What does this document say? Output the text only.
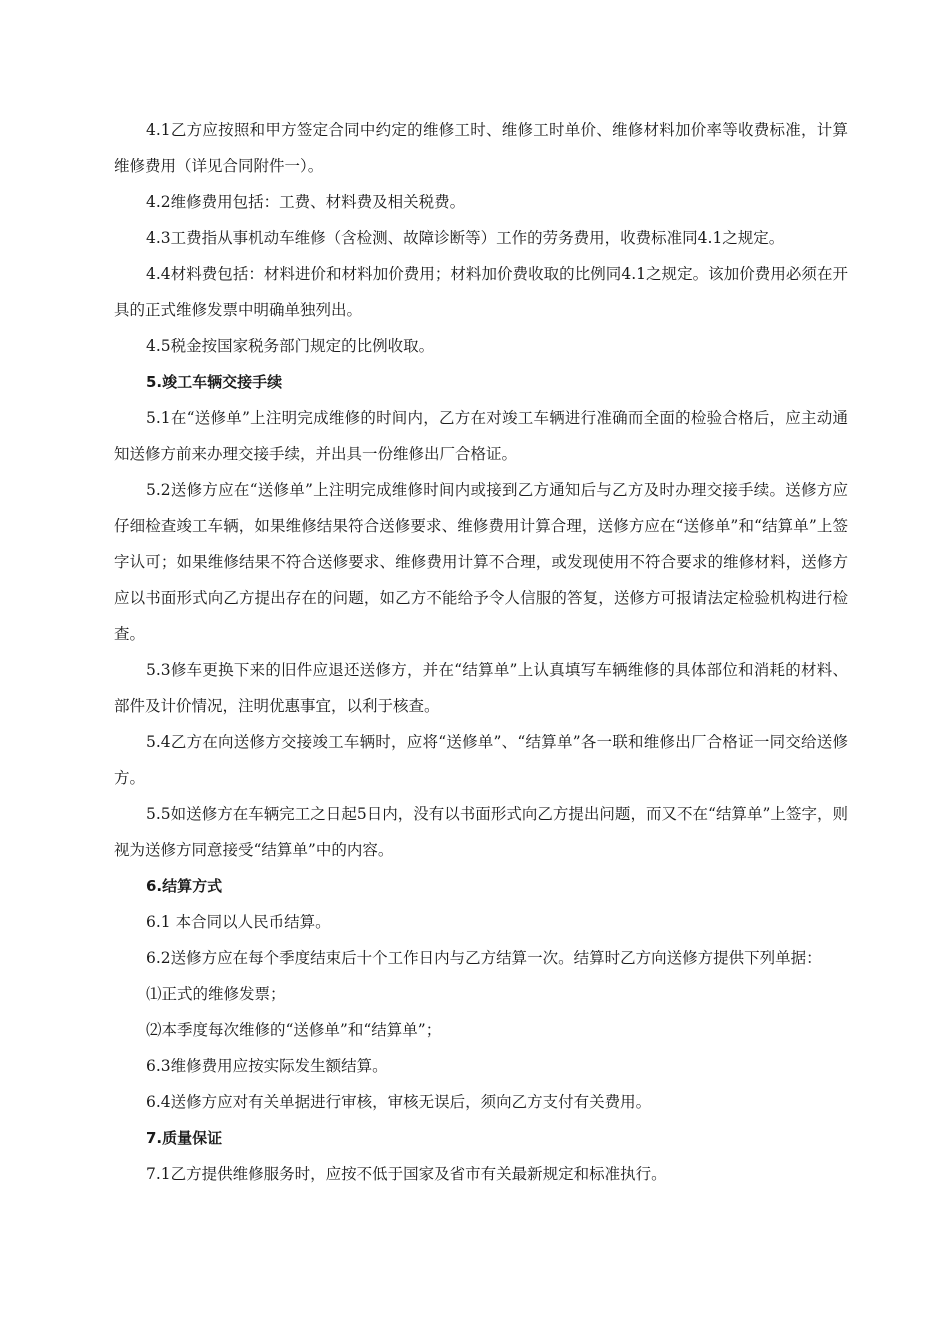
4.1乙方应按照和甲方签定合同中约定的维修工时、维修工时单价、维修材料加价率等收费标准，计算维修费用（详见合同附件一）。

4.2维修费用包括：工费、材料费及相关税费。

4.3工费指从事机动车维修（含检测、故障诊断等）工作的劳务费用，收费标准同4.1之规定。

4.4材料费包括：材料进价和材料加价费用；材料加价费收取的比例同4.1之规定。该加价费用必须在开具的正式维修发票中明确单独列出。

4.5税金按国家税务部门规定的比例收取。

5.竣工车辆交接手续

5.1在“送修单”上注明完成维修的时间内，乙方在对竣工车辆进行准确而全面的检验合格后，应主动通知送修方前来办理交接手续，并出具一份维修出厂合格证。

5.2送修方应在“送修单”上注明完成维修时间内或接到乙方通知后与乙方及时办理交接手续。送修方应仔细检查竣工车辆，如果维修结果符合送修要求、维修费用计算合理，送修方应在“送修单”和“结算单”上签字认可；如果维修结果不符合送修要求、维修费用计算不合理，或发现使用不符合要求的维修材料，送修方应以书面形式向乙方提出存在的问题，如乙方不能给予令人信服的答复，送修方可报请法定检验机构进行检查。

5.3修车更换下来的旧件应退还送修方，并在“结算单”上认真填写车辆维修的具体部位和消耗的材料、部件及计价情况，注明优惠事宜，以利于核查。

5.4乙方在向送修方交接竣工车辆时，应将“送修单”、“结算单”各一联和维修出厂合格证一同交给送修方。

5.5如送修方在车辆完工之日起5日内，没有以书面形式向乙方提出问题，而又不在“结算单”上签字，则视为送修方同意接受“结算单”中的内容。

6.结算方式

6.1 本合同以人民币结算。

6.2送修方应在每个季度结束后十个工作日内与乙方结算一次。结算时乙方向送修方提供下列单据：

⑴正式的维修发票；

⑵本季度每次维修的“送修单”和“结算单”；

6.3维修费用应按实际发生额结算。

6.4送修方应对有关单据进行审核，审核无误后，须向乙方支付有关费用。

7.质量保证

7.1乙方提供维修服务时，应按不低于国家及省市有关最新规定和标准执行。
